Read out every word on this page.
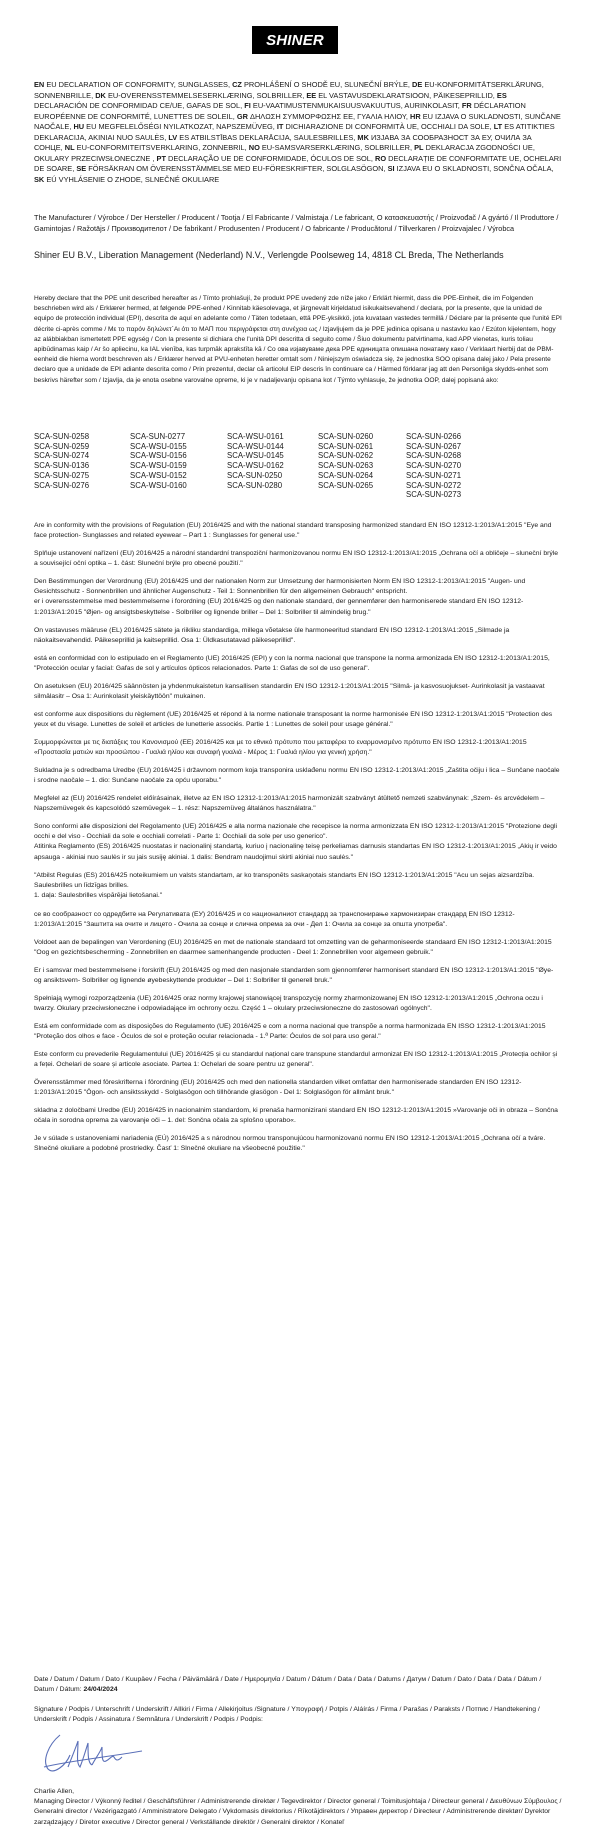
SHINER
EN EU DECLARATION OF CONFORMITY, SUNGLASSES, CZ PROHLÁŠENÍ O SHODĚ EU, SLUNEČNÍ BRÝLE, DE EU-KONFORMITÄTSERKLÄRUNG, SONNENBRILLE, DK EU-OVERENSSTEMMELSESERKLÆRING, SOLBRILLER, EE EL VASTAVUSDEKLARATSIOON, PÄIKESEPRILLID, ES DECLARACIÓN DE CONFORMIDAD CE/UE, GAFAS DE SOL, FI EU-VAATIMUSTENMUKAISUUSVAKUUTUS, AURINKOLASIT, FR DÉCLARATION EUROPÉENNE DE CONFORMITÉ, LUNETTES DE SOLEIL, GR ΔΗΛΩΣΗ ΣΥΜΜΟΡΦΩΣΗΣ ΕΕ, ΓΥΑΛΙΑ ΗΛΙΟΥ, HR EU IZJAVA O SUKLADNOSTI, SUNČANE NAOČALE, HU EU MEGFELELŐSÉGI NYILATKOZAT, NAPSZEMÜVEG, IT DICHIARAZIONE DI CONFORMITÀ UE, OCCHIALI DA SOLE, LT ES ATITIKTIES DEKLARACIJA, AKINIAI NUO SAULĖS, LV ES ATBILSTĪBAS DEKLARĀCIJA, SAULESBRILLES, MK ИЗЈАВА ЗА СООБРАЗНОСТ ЗА ЕУ, ОЧИЛА ЗА СОНЦЕ, NL EU-CONFORMITEITSVERKLARING, ZONNEBRIL, NO EU-SAMSVARSERKLÆRING, SOLBRILLER, PL DEKLARACJA ZGODNOŚCI UE, OKULARY PRZECIWSŁONECZNE , PT DECLARAÇÃO UE DE CONFORMIDADE, ÓCULOS DE SOL, RO DECLARAȚIE DE CONFORMITATE UE, OCHELARI DE SOARE, SE FÖRSÄKRAN OM ÖVERENSSTÄMMELSE MED EU-FÖRESKRIFTER, SOLGLASÖGON, SI IZJAVA EU O SKLADNOSTI, SONČNA OČALA, SK EÚ VYHLÁSENIE O ZHODE, SLNEČNÉ OKULIARE
The Manufacturer / Výrobce / Der Hersteller / Producent / Tootja / El Fabricante / Valmistaja / Le fabricant, Ο κατασκευαστής / Proizvođač / A gyártó / Il Produttore / Gamintojas / Ražotājs / Производителот / De fabrikant / Produsenten / Producent / O fabricante / Producătorul / Tillverkaren / Proizvajalec / Výrobca
Shiner EU B.V., Liberation Management (Nederland) N.V., Verlengde Poolseweg 14, 4818 CL Breda, The Netherlands
Hereby declare that the PPE unit described hereafter as / Tímto prohlašují, že produkt PPE uvedený zde níže jako / Erklärt hiermit, dass die PPE-Einheit, die im Folgenden beschrieben wird als / Erklærer hermed, at følgende PPE-enhed / Kinnitab käesolevaga, et järgnevalt kirjeldatud isikukaitsevahend / declara, por la presente, que la unidad de equipo de protección individual (EPI), descrita de aquí en adelante como / Täten todetaan, että PPE-yksikkö, jota kuvataan vastedes termillä / Déclare par la présente que l'unité EPI décrite ci-après comme / Με το παρόν δηλώνετ΄Αι ότι το ΜΑΠ που περιγράφεται στη συνέχεια ως / Izjavljujem da je PPE jedinica opisana u nastavku kao / Ezúton kijelentem, hogy az alábbiakban ismertetett PPE egység / Con la presente si dichiara che l'unità DPI descritta di seguito come / Šiuo dokumentu patvirtinama, kad APP vienetas, kuris toliau apibūdinamas kaip / Ar šo apliecinu, ka IAL vienība, kas turpmāk aprakstīta kā / Со ова изјавуваме дека PPE единицата опишана понатаму како / Verklaart hierbij dat de PBM-eenheid die hierna wordt beschreven als / Erklærer herved at PVU-enheten heretter omtalt som / Niniejszym oświadcza się, że jednostka SOO opisana dalej jako / Pela presente declaro que a unidade de EPI adiante descrita como / Prin prezentul, declar că articolul EIP descris în continuare ca / Härmed förklarar jag att den Personliga skydds-enhet som beskrivs härefter som / Izjavlja, da je enota osebne varovalne opreme, ki je v nadaljevanju opisana kot / Týmto vyhlasuje, že jednotka OOP, dalej popisaná ako:
SCA-SUN-0258
SCA-SUN-0259
SCA-SUN-0274
SCA-SUN-0136
SCA-SUN-0275
SCA-SUN-0276
SCA-SUN-0277
SCA-WSU-0155
SCA-WSU-0156
SCA-WSU-0159
SCA-WSU-0152
SCA-WSU-0160
SCA-WSU-0161
SCA-WSU-0144
SCA-WSU-0145
SCA-WSU-0162
SCA-SUN-0250
SCA-SUN-0280
SCA-SUN-0260
SCA-SUN-0261
SCA-SUN-0262
SCA-SUN-0263
SCA-SUN-0264
SCA-SUN-0265
SCA-SUN-0266
SCA-SUN-0267
SCA-SUN-0268
SCA-SUN-0270
SCA-SUN-0271
SCA-SUN-0272
SCA-SUN-0273
Are in conformity with the provisions of Regulation (EU) 2016/425 and with the national standard transposing harmonized standard EN ISO 12312-1:2013/A1:2015 "Eye and face protection- Sunglasses and related eyewear – Part 1 : Sunglasses for general use."
Splňuje ustanovení nařízení (EU) 2016/425 a národní standardní transpoziční harmonizovanou normu EN ISO 12312-1:2013/A1:2015 „Ochrana očí a obličeje – sluneční brýle a související oční optika – 1. část: Sluneční brýle pro obecné použití."
Den Bestimmungen der Verordnung (EU) 2016/425 und der nationalen Norm zur Umsetzung der harmonisierten Norm EN ISO 12312-1:2013/A1:2015 "Augen- und Gesichtsschutz - Sonnenbrillen und ähnlicher Augenschutz - Teil 1: Sonnenbrillen für den allgemeinen Gebrauch" entspricht.
er i overensstemmelse med bestemmelserne i forordning (EU) 2016/425 og den nationale standard, der gennemfører den harmoniserede standard EN ISO 12312-1:2013/A1:2015 "Øjen- og ansigtsbeskyttelse - Solbriller og lignende briller – Del 1: Solbriller til almindelig brug."
On vastavuses määruse (EL) 2016/425 sätete ja riikliku standardiga, millega võetakse üle harmoneeritud standard EN ISO 12312-1:2013/A1:2015 „Silmade ja näokaitsevahendid. Päikeseprillid ja kaitseprillid. Osa 1: Üldkasutatavad päikeseprillid".
está en conformidad con lo estipulado en el Reglamento (UE) 2016/425 (EPI) y con la norma nacional que transpone la norma armonizada EN ISO 12312-1:2013/A1:2015, "Protección ocular y facial: Gafas de sol y artículos ópticos relacionados. Parte 1: Gafas de sol de uso general".
On asetuksen (EU) 2016/425 säännösten ja yhdenmukaistetun kansallisen standardin EN ISO 12312-1:2013/A1:2015 "Silmä- ja kasvosuojukset- Aurinkolasit ja vastaavat silmälasitr – Osa 1: Aurinkolasit yleiskäyttöön" mukainen.
est conforme aux dispositions du règlement (UE) 2016/425 et répond à la norme nationale transposant la norme harmonisée EN ISO 12312-1:2013/A1:2015 "Protection des yeux et du visage. Lunettes de soleil et articles de lunetterie associés. Partie 1 : Lunettes de soleil pour usage général."
Συμμορφώνεται με τις διατάξεις του Κανονισμού (ΕΕ) 2016/425 και με το εθνικό πρότυπο που μεταφέρει το εναρμονισμένο πρότυπο EN ISO 12312-1:2013/A1:2015 «Προστασία ματιών και προσώπου - Γυαλιά ηλίου και συναφή γυαλιά - Μέρος 1: Γυαλιά ηλίου για γενική χρήση."
Sukladna je s odredbama Uredbe (EU) 2016/425 i državnom normom koja transponira usklađenu normu EN ISO 12312-1:2013/A1:2015 „Zaštita očiju i lica – Sunčane naočale i srodne naočale – 1. dio: Sunčane naočale za opću uporabu."
Megfelel az (EU) 2016/425 rendelet előírásainak, illetve az EN ISO 12312-1:2013/A1:2015 harmonizált szabványt átültető nemzeti szabványnak: „Szem- és arcvédelem – Napszemüvegek és kapcsolódó szemüvegek – 1. rész: Napszemüveg általános használatra."
Sono conformi alle disposizioni del Regolamento (UE) 2016/425 e alla norma nazionale che recepisce la norma armonizzata EN ISO 12312-1:2013/A1:2015 "Protezione degli occhi e del viso - Occhiali da sole e occhiali correlati - Parte 1: Occhiali da sole per uso generico".
Atitinka Reglamento (ES) 2016/425 nuostatas ir nacionalinį standartą, kuriuo į nacionalinę teisę perkeliamas darnusis standartas EN ISO 12312-1:2013/A1:2015 „Akių ir veido apsauga - akiniai nuo saulės ir su jais susiję akiniai. 1 dalis: Bendram naudojimui skirti akiniai nuo saulės."
"Atbilst Regulas (ES) 2016/425 noteikumiem un valsts standartam, ar ko transponēts saskaņotais standarts EN ISO 12312-1:2013/A1:2015 "Acu un sejas aizsardzība. Saulesbrilles un līdzīgas brilles.
1. daļa: Saulesbrilles vispārējai lietošanai."
се во сообразност со одредбите на Регулативата (ЕУ) 2016/425 и со националниот стандард за транспонирање хармонизиран стандард EN ISO 12312-1:2013/A1:2015 "Заштита на очите и лицето - Очила за сонце и слична опрема за очи - Дел 1: Очила за сонце за општа употреба".
Voldoet aan de bepalingen van Verordening (EU) 2016/425 en met de nationale standaard tot omzetting van de geharmoniseerde standaard EN ISO 12312-1:2013/A1:2015 "Oog en gezichtsbescherming - Zonnebrillen en daarmee samenhangende producten - Deel 1: Zonnebrillen voor algemeen gebruik."
Er i samsvar med bestemmelsene i forskrift (EU) 2016/425 og med den nasjonale standarden som gjennomfører harmonisert standard EN ISO 12312-1:2013/A1:2015 "Øye- og ansiktsvern- Solbriller og lignende øyebeskyttende produkter – Del 1: Solbriller til generell bruk."
Spełniają wymogi rozporządzenia (UE) 2016/425 oraz normy krajowej stanowiącej transpozycję normy zharmonizowanej EN ISO 12312-1:2013/A1:2015 „Ochrona oczu i twarzy. Okulary przeciwsłoneczne i odpowiadające im ochrony oczu. Część 1 – okulary przeciwsłoneczne do zastosowań ogólnych".
Está em conformidade com as disposições do Regulamento (UE) 2016/425 e com a norma nacional que transpõe a norma harmonizada EN ISSO 12312-1:2013/A1:2015 "Proteção dos olhos e face - Óculos de sol e proteção ocular relacionada - 1.ª Parte: Óculos de sol para uso geral."
Este conform cu prevederile Regulamentului (UE) 2016/425 și cu standardul național care transpune standardul armonizat EN ISO 12312-1:2013/A1:2015 „Protecția ochilor și a feței. Ochelari de soare și articole asociate. Partea 1: Ochelari de soare pentru uz general".
Överensstämmer med föreskrifterna i förordning (EU) 2016/425 och med den nationella standarden vilket omfattar den harmoniserade standarden EN ISO 12312-1:2013/A1:2015 "Ögon- och ansiktsskydd - Solglasögon och tillhörande glasögon - Del 1: Solglasögon för allmänt bruk."
skladna z določbami Uredbe (EU) 2016/425 in nacionalnim standardom, ki prenaša harmonizirani standard EN ISO 12312-1:2013/A1:2015 »Varovanje oči in obraza – Sončna očala in sorodna oprema za varovanje oči – 1. del: Sončna očala za splošno uporabo«.
Je v súlade s ustanoveniami nariadenia (EÚ) 2016/425 a s národnou normou transponujúcou harmonizovanú normu EN ISO 12312-1:2013/A1:2015 „Ochrana očí a tváre. Slnečné okuliare a podobné prostriedky. Časť 1: Slnečné okuliare na všeobecné použitie."
Date / Datum / Datum / Dato / Kuupäev / Fecha / Päivämäärä / Date / Ημερομηνία / Datum / Dátum / Data / Data / Datums / Датум / Datum / Dato / Data / Data / Dátum / Datum / Dátum: 24/04/2024
Signature / Podpis / Unterschrift / Underskrift / Allkiri / Firma / Allekirjoitus /Signature / Υπογραφή / Potpis / Aláírás / Firma / Parašas / Paraksts / Потпис / Handtekening / Underskrift / Podpis / Assinatura / Semnătura / Underskrift / Podpis / Podpis:
Charlie Allen,
Managing Director / Výkonný ředitel / Geschäftsführer / Administrerende direktør / Tegevdirektor / Director general / Toimitusjohtaja / Directeur general / Διευθύνων Σύμβουλος / Generalni director / Vezérigazgató / Amministratore Delegato / Vykdomasis direktorius / Rīkotājdirektors / Управен директор / Directeur / Administrerende direktør/ Dyrektor zarządzający / Diretor executive / Director general / Verkställande direktör / Generalni direktor / Konateľ
